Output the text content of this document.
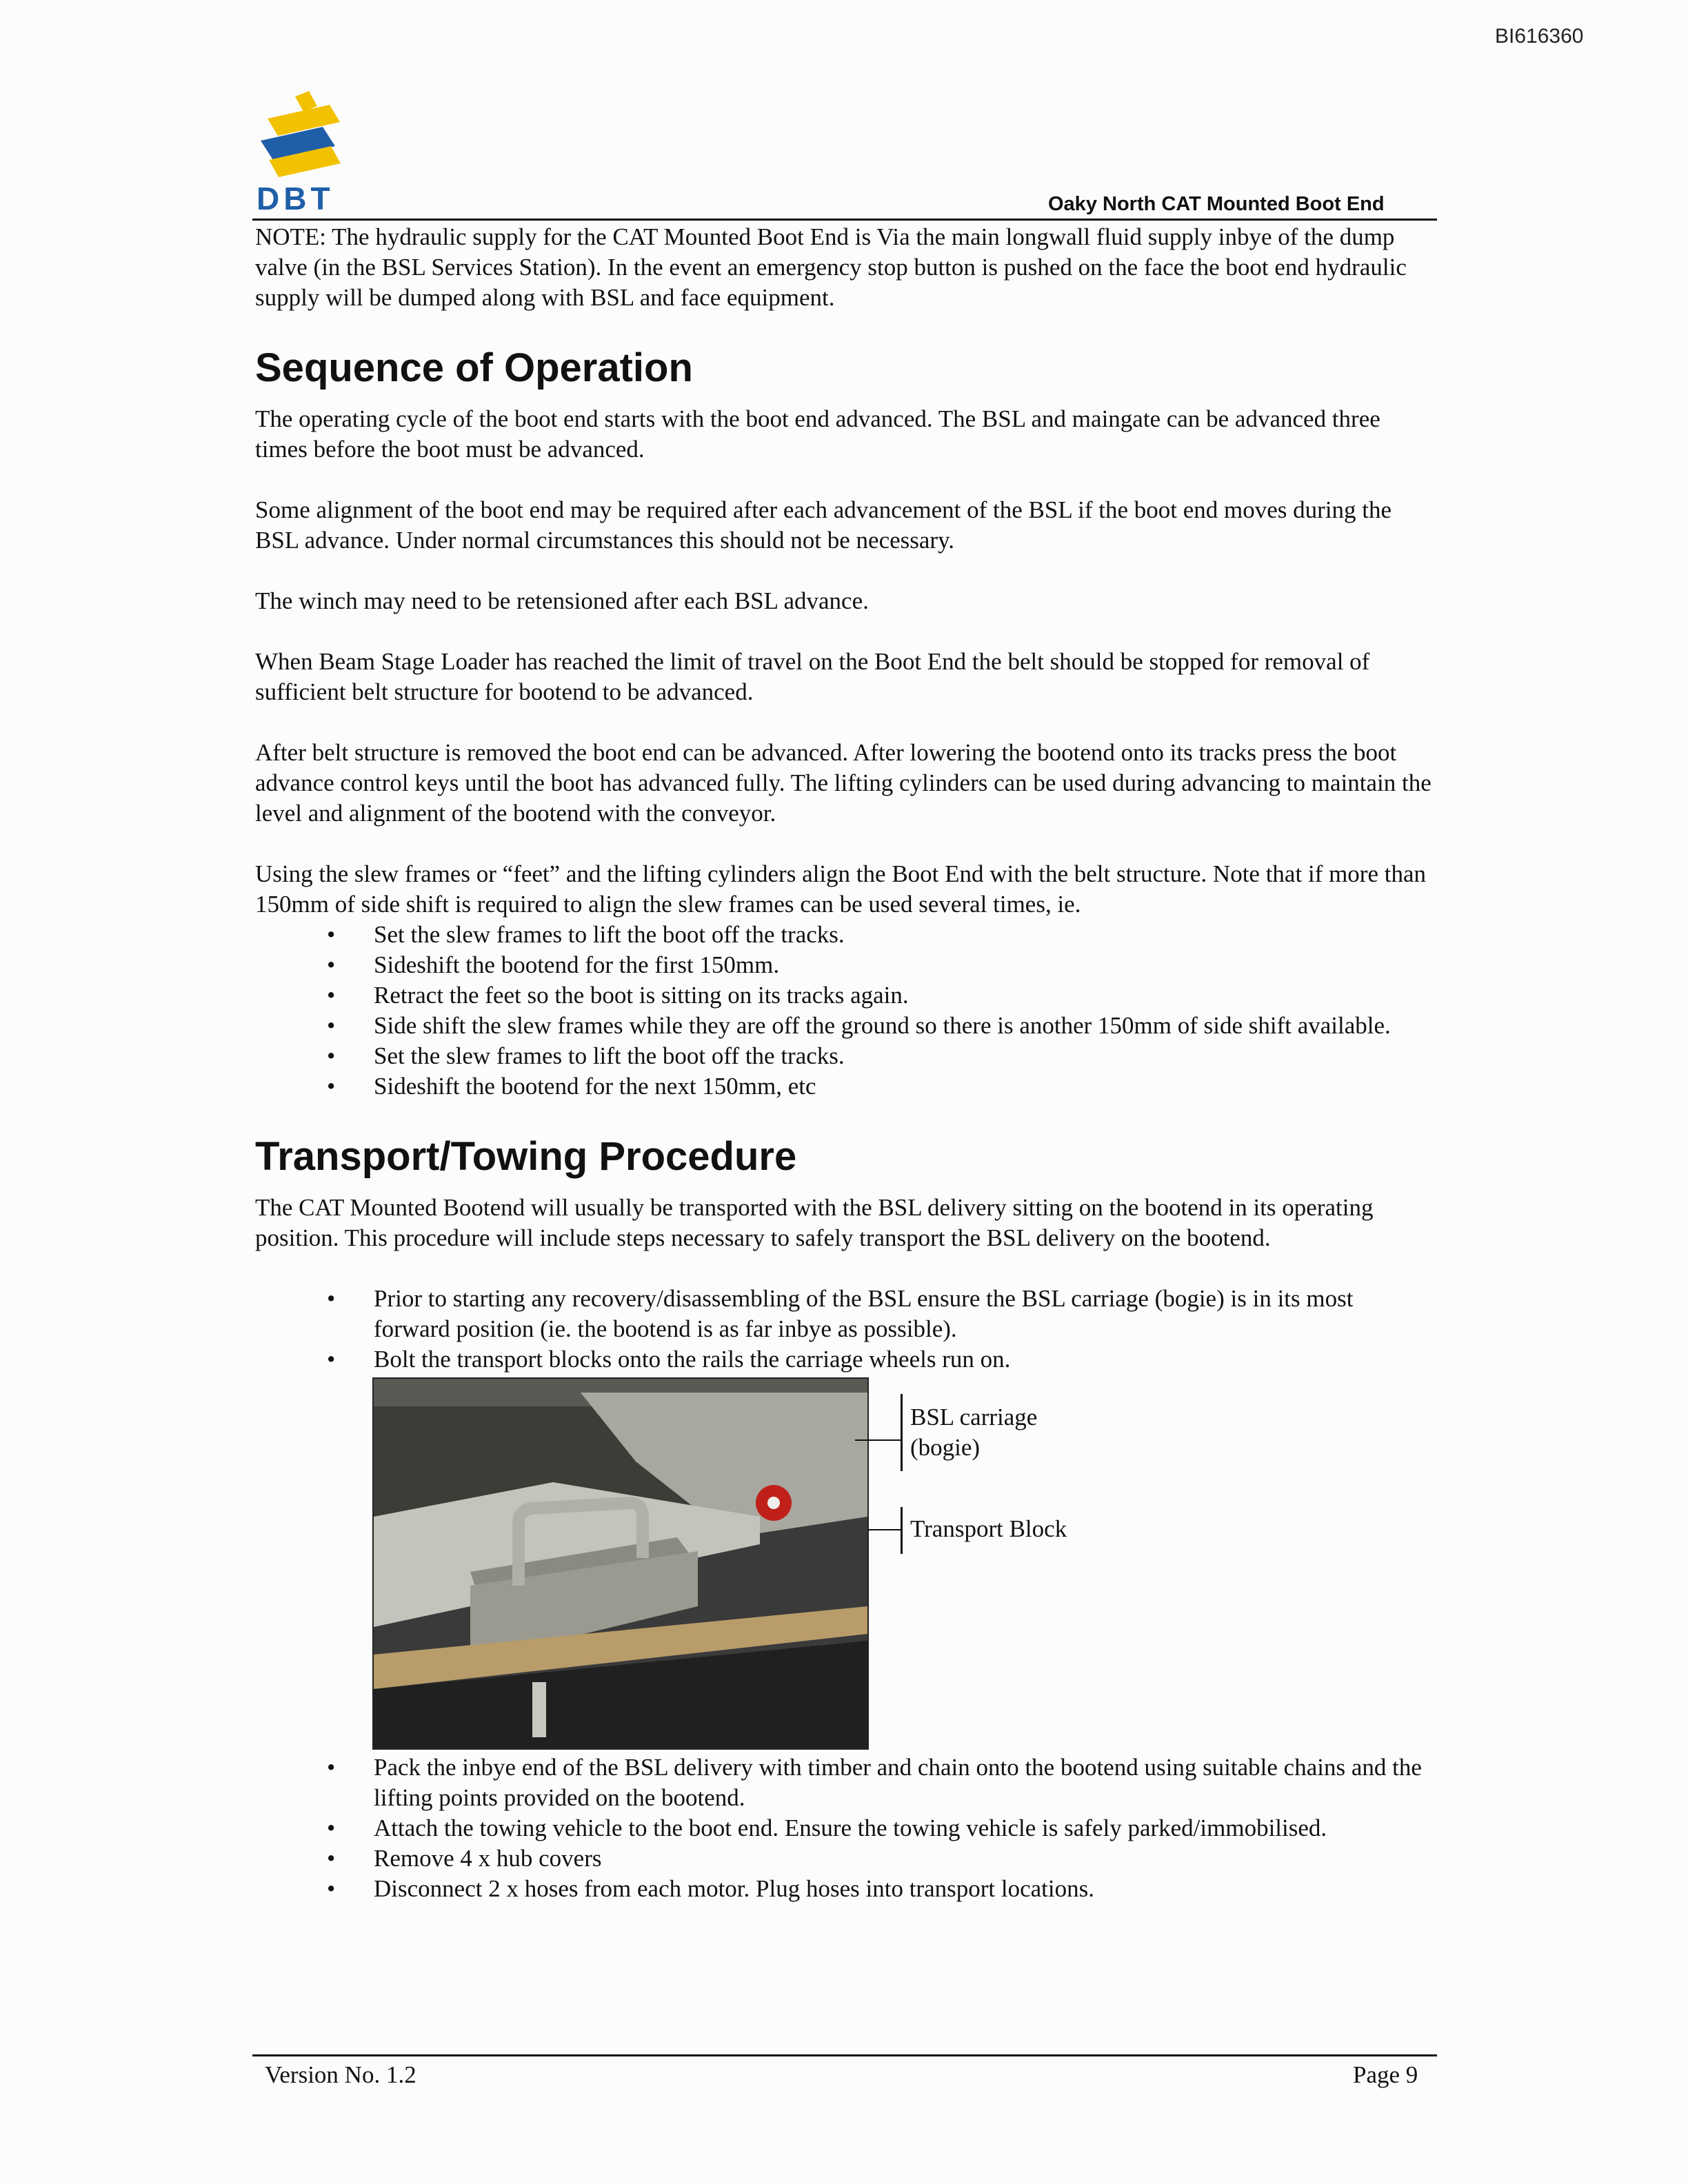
BI616360
DBT	Oaky North CAT Mounted Boot End

NOTE: The hydraulic supply for the CAT Mounted Boot End is Via the main longwall fluid supply inbye of the dump valve (in the BSL Services Station). In the event an emergency stop button is pushed on the face the boot end hydraulic supply will be dumped along with BSL and face equipment.

Sequence of Operation

The operating cycle of the boot end starts with the boot end advanced. The BSL and maingate can be advanced three times before the boot must be advanced.

Some alignment of the boot end may be required after each advancement of the BSL if the boot end moves during the BSL advance. Under normal circumstances this should not be necessary.

The winch may need to be retensioned after each BSL advance.

When Beam Stage Loader has reached the limit of travel on the Boot End the belt should be stopped for removal of sufficient belt structure for bootend to be advanced.

After belt structure is removed the boot end can be advanced. After lowering the bootend onto its tracks press the boot advance control keys until the boot has advanced fully. The lifting cylinders can be used during advancing to maintain the level and alignment of the bootend with the conveyor.

Using the slew frames or “feet” and the lifting cylinders align the Boot End with the belt structure. Note that if more than 150mm of side shift is required to align the slew frames can be used several times, ie.

• Set the slew frames to lift the boot off the tracks.
• Sideshift the bootend for the first 150mm.
• Retract the feet so the boot is sitting on its tracks again.
• Side shift the slew frames while they are off the ground so there is another 150mm of side shift available.
• Set the slew frames to lift the boot off the tracks.
• Sideshift the bootend for the next 150mm, etc
Transport/Towing Procedure

The CAT Mounted Bootend will usually be transported with the BSL delivery sitting on the bootend in its operating position. This procedure will include steps necessary to safely transport the BSL delivery on the bootend.

• Prior to starting any recovery/disassembling of the BSL ensure the BSL carriage (bogie) is in its most forward position (ie. the bootend is as far inbye as possible).
• Bolt the transport blocks onto the rails the carriage wheels run on.
BSL carriage (bogie)
Transport Block
• Pack the inbye end of the BSL delivery with timber and chain onto the bootend using suitable chains and the lifting points provided on the bootend.
• Attach the towing vehicle to the boot end. Ensure the towing vehicle is safely parked/immobilised.
• Remove 4 x hub covers
• Disconnect 2 x hoses from each motor. Plug hoses into transport locations.
Version No. 1.2	Page 9
